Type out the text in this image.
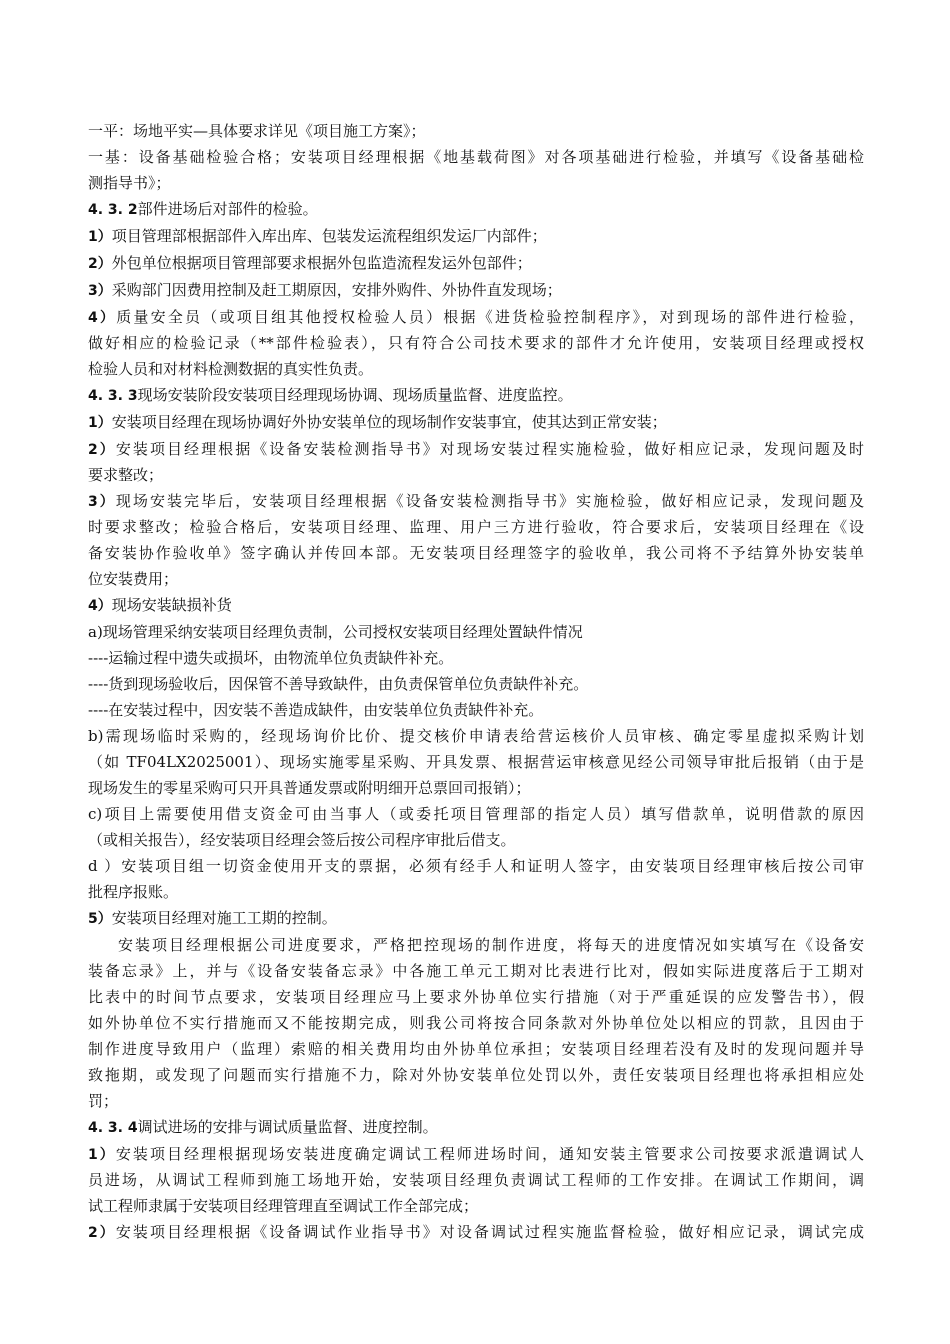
一平：场地平实—具体要求详见《项目施工方案》；
一基：设备基础检验合格；安装项目经理根据《地基载荷图》对各项基础进行检验，并填写《设备基础检
测指导书》；
4. 3. 2部件进场后对部件的检验。
1）项目管理部根据部件入库出库、包装发运流程组织发运厂内部件；
2）外包单位根据项目管理部要求根据外包监造流程发运外包部件；
3）采购部门因费用控制及赶工期原因，安排外购件、外协件直发现场；
4）质量安全员（或项目组其他授权检验人员）根据《进货检验控制程序》，对到现场的部件进行检验，
做好相应的检验记录（**部件检验表），只有符合公司技术要求的部件才允许使用，安装项目经理或授权
检验人员和对材料检测数据的真实性负责。
4. 3. 3现场安装阶段安装项目经理现场协调、现场质量监督、进度监控。
1）安装项目经理在现场协调好外协安装单位的现场制作安装事宜，使其达到正常安装；
2）安装项目经理根据《设备安装检测指导书》对现场安装过程实施检验，做好相应记录，发现问题及时
要求整改；
3）现场安装完毕后，安装项目经理根据《设备安装检测指导书》实施检验，做好相应记录，发现问题及
时要求整改；检验合格后，安装项目经理、监理、用户三方进行验收，符合要求后，安装项目经理在《设
备安装协作验收单》签字确认并传回本部。无安装项目经理签字的验收单，我公司将不予结算外协安装单
位安装费用；
4）现场安装缺损补货
a)现场管理采纳安装项目经理负责制，公司授权安装项目经理处置缺件情况
----运输过程中遗失或损坏，由物流单位负责缺件补充。
----货到现场验收后，因保管不善导致缺件，由负责保管单位负责缺件补充。
----在安装过程中，因安装不善造成缺件，由安装单位负责缺件补充。
b)需现场临时采购的，经现场询价比价、提交核价申请表给营运核价人员审核、确定零星虚拟采购计划
（如 TF04LX2025001）、现场实施零星采购、开具发票、根据营运审核意见经公司领导审批后报销（由于是
现场发生的零星采购可只开具普通发票或附明细开总票回司报销）；
c)项目上需要使用借支资金可由当事人（或委托项目管理部的指定人员）填写借款单，说明借款的原因
（或相关报告），经安装项目经理会签后按公司程序审批后借支。
d ）安装项目组一切资金使用开支的票据，必须有经手人和证明人签字，由安装项目经理审核后按公司审
批程序报账。
5）安装项目经理对施工工期的控制。
安装项目经理根据公司进度要求，严格把控现场的制作进度，将每天的进度情况如实填写在《设备安
装备忘录》上，并与《设备安装备忘录》中各施工单元工期对比表进行比对，假如实际进度落后于工期对
比表中的时间节点要求，安装项目经理应马上要求外协单位实行措施（对于严重延误的应发警告书），假
如外协单位不实行措施而又不能按期完成，则我公司将按合同条款对外协单位处以相应的罚款，且因由于
制作进度导致用户（监理）索赔的相关费用均由外协单位承担；安装项目经理若没有及时的发现问题并导
致拖期，或发现了问题而实行措施不力，除对外协安装单位处罚以外，责任安装项目经理也将承担相应处
罚；
4. 3. 4调试进场的安排与调试质量监督、进度控制。
1）安装项目经理根据现场安装进度确定调试工程师进场时间，通知安装主管要求公司按要求派遣调试人
员进场，从调试工程师到施工场地开始，安装项目经理负责调试工程师的工作安排。在调试工作期间，调
试工程师隶属于安装项目经理管理直至调试工作全部完成；
2）安装项目经理根据《设备调试作业指导书》对设备调试过程实施监督检验，做好相应记录，调试完成
